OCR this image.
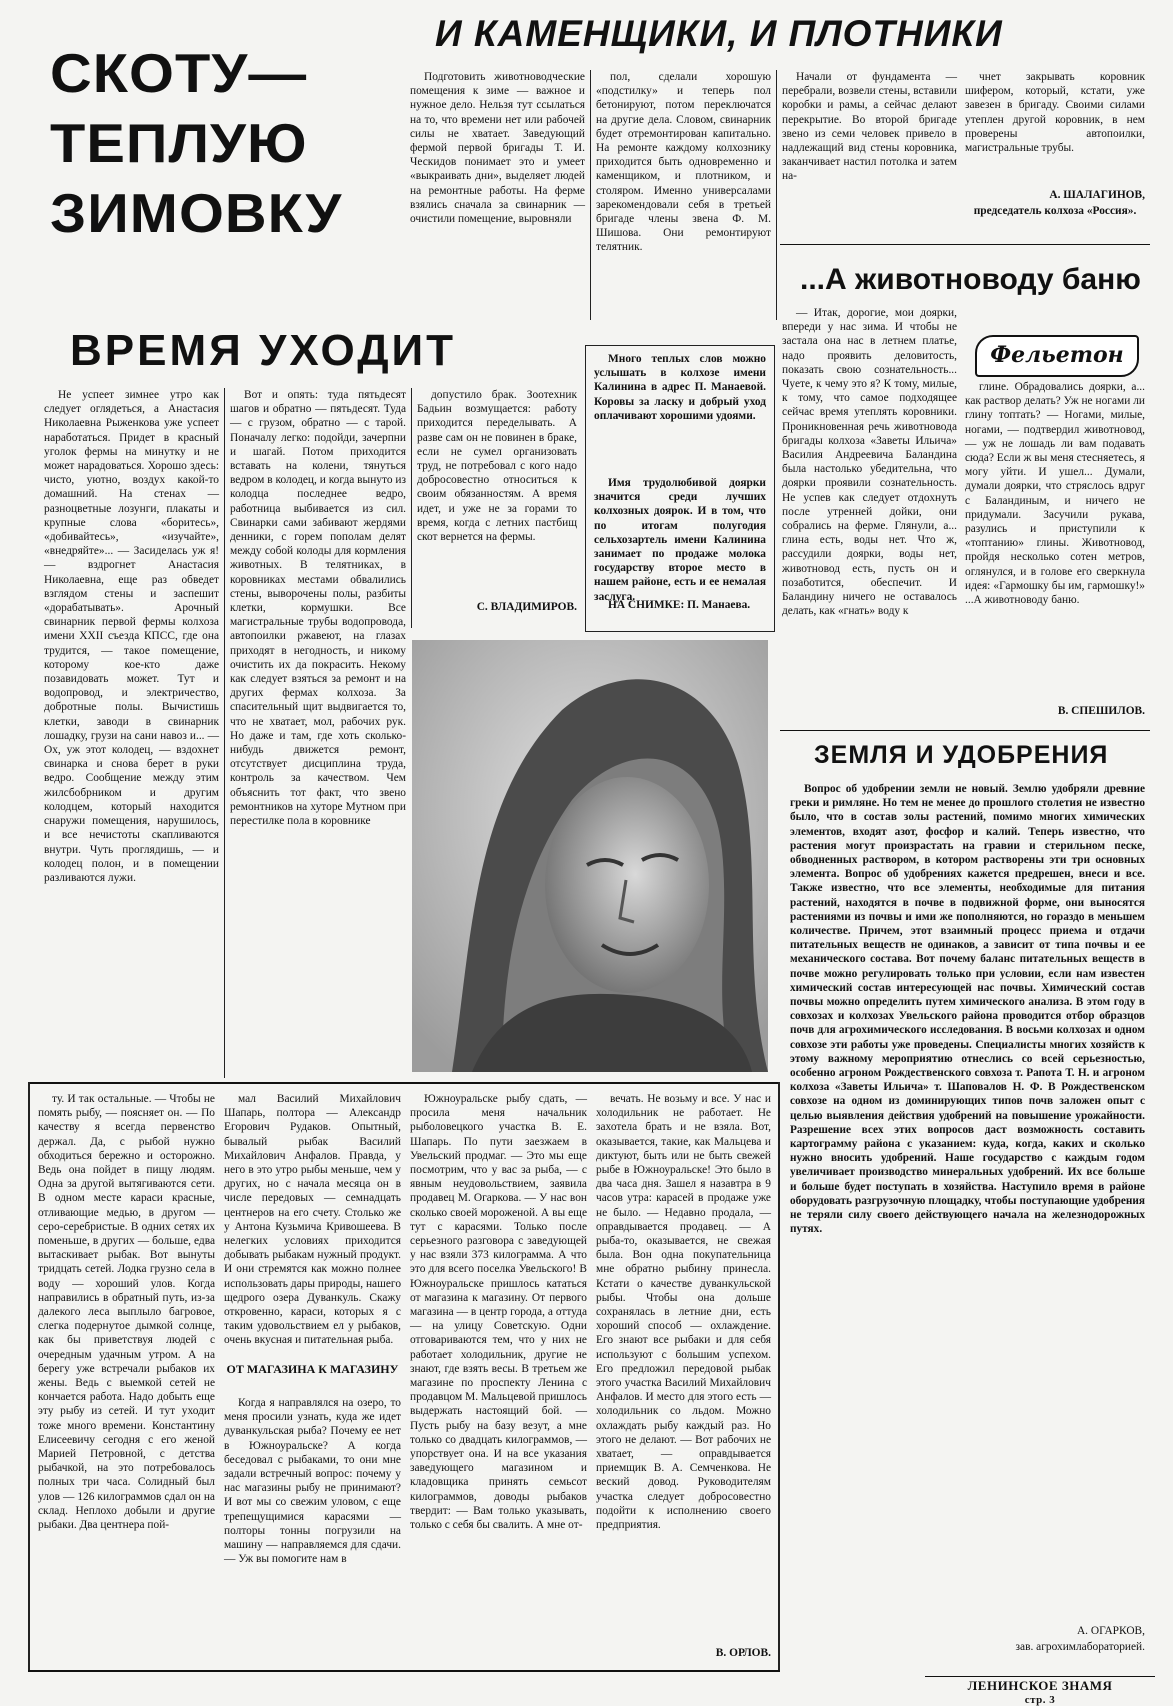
СКОТУ—
ТЕПЛУЮ
ЗИМОВКУ
И КАМЕНЩИКИ, И ПЛОТНИКИ

Подготовить животноводческие помещения к зиме — важное и нужное дело. Нельзя тут ссылаться на то, что времени нет или рабочей силы не хватает. Заведующий фермой первой бригады Т. И. Ческидов понимает это и умеет «выкраивать дни», выделяет людей на ремонтные работы. На ферме взялись сначала за свинарник —очистили помещение, выровняли

пол, сделали хорошую «подстилку» и теперь пол бетонируют, потом переключатся на другие дела. Словом, свинарник будет отремонтирован капитально. На ремонте каждому колхознику приходится быть одновременно и каменщиком, и плотником, и столяром. Именно универсалами зарекомендовали себя в третьей бригаде члены звена Ф. М. Шишова. Они ремонтируют телятник.

Начали от фундамента — перебрали, возвели стены, вставили коробки и рамы, а сейчас делают перекрытие. Во второй бригаде звено из семи человек привело в надлежащий вид стены коровника, заканчивает настил потолка и затем на-

чнет закрывать коровник шифером, который, кстати, уже завезен в бригаду. Своими силами утеплен другой коровник, в нем проверены автопоилки, магистральные трубы.

А. ШАЛАГИНОВ,
председатель колхоза «Россия».
...А животноводу баню
Фельетон

— Итак, дорогие, мои доярки, впереди у нас зима. И чтобы не застала она нас в летнем платье, надо проявить деловитость, показать свою сознательность... Чуете, к чему это я? К тому, милые, к тому, что самое подходящее сейчас время утеплять коровники. Проникновенная речь животновода бригады колхоза «Заветы Ильича» Василия Андреевича Баландина была настолько убедительна, что доярки проявили сознательность. Не успев как следует отдохнуть после утренней дойки, они собрались на ферме. Глянули, а... глина есть, воды нет. Что ж, рассудили доярки, воды нет, животновод есть, пусть он и позаботится, обеспечит. И Баландину ничего не оставалось делать, как «гнать» воду к

глине. Обрадовались доярки, а... как раствор делать? Уж не ногами ли глину топтать? — Ногами, милые, ногами, — подтвердил животновод, — уж не лошадь ли вам подавать сюда? Если ж вы меня стесняетесь, я могу уйти. И ушел... Думали, думали доярки, что стряслось вдруг с Баландиным, и ничего не придумали. Засучили рукава, разулись и приступили к «топтанию» глины. Животновод, пройдя несколько сотен метров, оглянулся, и в голове его сверкнула идея: «Гармошку бы им, гармошку!» ...А животноводу баню.

В. СПЕШИЛОВ.
ВРЕМЯ УХОДИТ

Не успеет зимнее утро как следует оглядеться, а Анастасия Николаевна Рыженкова уже успеет наработаться. Придет в красный уголок фермы на минутку и не может нарадоваться. Хорошо здесь: чисто, уютно, воздух какой-то домашний. На стенах — разноцветные лозунги, плакаты и крупные слова «боритесь», «добивайтесь», «изучайте», «внедряйте»... — Засиделась уж я! — вздрогнет Анастасия Николаевна, еще раз обведет взглядом стены и заспешит «дорабатывать». Арочный свинарник первой фермы колхоза имени XXII съезда КПСС, где она трудится, — такое помещение, которому кое-кто даже позавидовать может. Тут и водопровод, и электричество, добротные полы. Вычистишь клетки, заводи в свинарник лошадку, грузи на сани навоз и... — Ох, уж этот колодец, — вздохнет свинарка и снова берет в руки ведро. Сообщение между этим жилсбобрником и другим колодцем, который находится снаружи помещения, нарушилось, и все нечистоты скапливаются внутри. Чуть проглядишь, — и колодец полон, и в помещении разливаются лужи.

Вот и опять: туда пятьдесят шагов и обратно — пятьдесят. Туда — с грузом, обратно — с тарой. Поначалу легко: подойди, зачерпни и шагай. Потом приходится вставать на колени, тянуться ведром в колодец, и когда вынуто из колодца последнее ведро, работница выбивается из сил. Свинарки сами забивают жердями денники, с горем пополам делят между собой колоды для кормления животных. В телятниках, в коровниках местами обвалились стены, выворочены полы, разбиты клетки, кормушки. Все магистральные трубы водопровода, автопоилки ржавеют, на глазах приходят в негодность, и никому очистить их да покрасить. Некому как следует взяться за ремонт и на других фермах колхоза. За спасительный щит выдвигается то, что не хватает, мол, рабочих рук. Но даже и там, где хоть сколько-нибудь движется ремонт, отсутствует дисциплина труда, контроль за качеством. Чем объяснить тот факт, что звено ремонтников на хуторе Мутном при перестилке пола в коровнике

допустило брак. Зоотехник Бадьин возмущается: работу приходится переделывать. А разве сам он не повинен в браке, если не сумел организовать труд, не потребовал с кого надо добросовестно относиться к своим обязанностям. А время идет, и уже не за горами то время, когда с летних пастбищ скот вернется на фермы.

С. ВЛАДИМИРОВ.

Много теплых слов можно услышать в колхозе имени Калинина в адрес П. Манаевой. Коровы за ласку и добрый уход оплачивают хорошими удоями.

Имя трудолюбивой доярки значится среди лучших колхозных доярок. И в том, что по итогам полугодия сельхозартель имени Калинина занимает по продаже молока государству второе место в нашем районе, есть и ее немалая заслуга.

НА СНИМКЕ: П. Манаева.

ЗЕМЛЯ И УДОБРЕНИЯ

Вопрос об удобрении земли не новый. Землю удобряли древние греки и римляне. Но тем не менее до прошлого столетия не известно было, что в состав золы растений, помимо многих химических элементов, входят азот, фосфор и калий. Теперь известно, что растения могут произрастать на гравии и стерильном песке, обводненных раствором, в котором растворены эти три основных элемента. Вопрос об удобрениях кажется предрешен, внеси и все. Также известно, что все элементы, необходимые для питания растений, находятся в почве в подвижной форме, они выносятся растениями из почвы и ими же пополняются, но гораздо в меньшем количестве. Причем, этот взаимный процесс приема и отдачи питательных веществ не одинаков, а зависит от типа почвы и ее механического состава. Вот почему баланс питательных веществ в почве можно регулировать только при условии, если нам известен химический состав интересующей нас почвы. Химический состав почвы можно определить путем химического анализа. В этом году в совхозах и колхозах Увельского района проводится отбор образцов почв для агрохимического исследования. В восьми колхозах и одном совхозе эти работы уже проведены. Специалисты многих хозяйств к этому важному мероприятию отнеслись со всей серьезностью, особенно агроном Рождественского совхоза т. Рапота Т. Н. и агроном колхоза «Заветы Ильича» т. Шаповалов Н. Ф. В Рождественском совхозе на одном из доминирующих типов почв заложен опыт с целью выявления действия удобрений на повышение урожайности. Разрешение всех этих вопросов даст возможность составить картограмму района с указанием: куда, когда, каких и сколько нужно вносить удобрений. Наше государство с каждым годом увеличивает производство минеральных удобрений. Их все больше и больше будет поступать в хозяйства. Наступило время в районе оборудовать разгрузочную площадку, чтобы поступающие удобрения не теряли силу своего действующего начала на железнодорожных путях.

А. ОГАРКОВ,
зав. агрохимлабораторией.

ту. И так остальные. — Чтобы не помять рыбу, — поясняет он. — По качеству я всегда первенство держал. Да, с рыбой нужно обходиться бережно и осторожно. Ведь она пойдет в пищу людям. Одна за другой вытягиваются сети. В одном месте караси красные, отливающие медью, в другом — серо-серебристые. В одних сетях их поменьше, в других — больше, едва вытаскивает рыбак. Вот вынуты тридцать сетей. Лодка грузно села в воду — хороший улов. Когда направились в обратный путь, из-за далекого леса выплыло багровое, слегка подернутое дымкой солнце, как бы приветствуя людей с очередным удачным утром. А на берегу уже встречали рыбаков их жены. Ведь с выемкой сетей не кончается работа. Надо добыть еще эту рыбу из сетей. И тут уходит тоже много времени. Константину Елисеевичу сегодня с его женой Марией Петровной, с детства рыбачкой, на это потребовалось полных три часа. Солидный был улов — 126 килограммов сдал он на склад. Неплохо добыли и другие рыбаки. Два центнера пой-

мал Василий Михайлович Шапарь, полтора — Александр Егорович Рудаков. Опытный, бывалый рыбак Василий Михайлович Анфалов. Правда, у него в это утро рыбы меньше, чем у других, но с начала месяца он в числе передовых — семнадцать центнеров на его счету. Столько же у Антона Кузьмича Кривошеева. В нелегких условиях приходится добывать рыбакам нужный продукт. И они стремятся как можно полнее использовать дары природы, нашего щедрого озера Дуванкуль. Скажу откровенно, караси, которых я с таким удовольствием ел у рыбаков, очень вкусная и питательная рыба.

ОТ МАГАЗИНА К МАГАЗИНУ

Когда я направлялся на озеро, то меня просили узнать, куда же идет дуванкульская рыба? Почему ее нет в Южноуральске? А когда беседовал с рыбаками, то они мне задали встречный вопрос: почему у нас магазины рыбу не принимают? И вот мы со свежим уловом, с еще трепещущимися карасями — полторы тонны погрузили на машину — направляемся для сдачи. — Уж вы помогите нам в

Южноуральске рыбу сдать, — просила меня начальник рыболовецкого участка В. Е. Шапарь. По пути заезжаем в Увельский продмаг. — Это мы еще посмотрим, что у вас за рыба, — с явным неудовольствием, заявила продавец М. Огаркова. — У нас вон сколько своей мороженой. А вы еще тут с карасями. Только после серьезного разговора с заведующей у нас взяли 373 килограмма. А что это для всего поселка Увельского! В Южноуральске пришлось кататься от магазина к магазину. От первого магазина — в центр города, а оттуда — на улицу Советскую. Одни отговариваются тем, что у них не работает холодильник, другие не знают, где взять весы. В третьем же магазине по проспекту Ленина с продавцом М. Мальцевой пришлось выдержать настоящий бой. — Пусть рыбу на базу везут, а мне только со двадцать килограммов, — упорствует она. И на все указания заведующего магазином и кладовщика принять семьсот килограммов, доводы рыбаков твердит: — Вам только указывать, только с себя бы свалить. А мне от-

вечать. Не возьму и все. У нас и холодильник не работает. Не захотела брать и не взяла. Вот, оказывается, такие, как Мальцева и диктуют, быть или не быть свежей рыбе в Южноуральске! Это было в два часа дня. Зашел я назавтра в 9 часов утра: карасей в продаже уже не было. — Недавно продала, — оправдывается продавец. — А рыба-то, оказывается, не свежая была. Вон одна покупательница мне обратно рыбину принесла. Кстати о качестве дуванкульской рыбы. Чтобы она дольше сохранялась в летние дни, есть хороший способ — охлаждение. Его знают все рыбаки и для себя используют с большим успехом. Его предложил передовой рыбак этого участка Василий Михайлович Анфалов. И место для этого есть — холодильник со льдом. Можно охлаждать рыбу каждый раз. Но этого не делают. — Вот рабочих не хватает, — оправдывается приемщик В. А. Семченкова. Не веский довод. Руководителям участка следует добросовестно подойти к исполнению своего предприятия.

В. ОРЛОВ.
ЛЕНИНСКОЕ ЗНАМЯ
стр. 3
